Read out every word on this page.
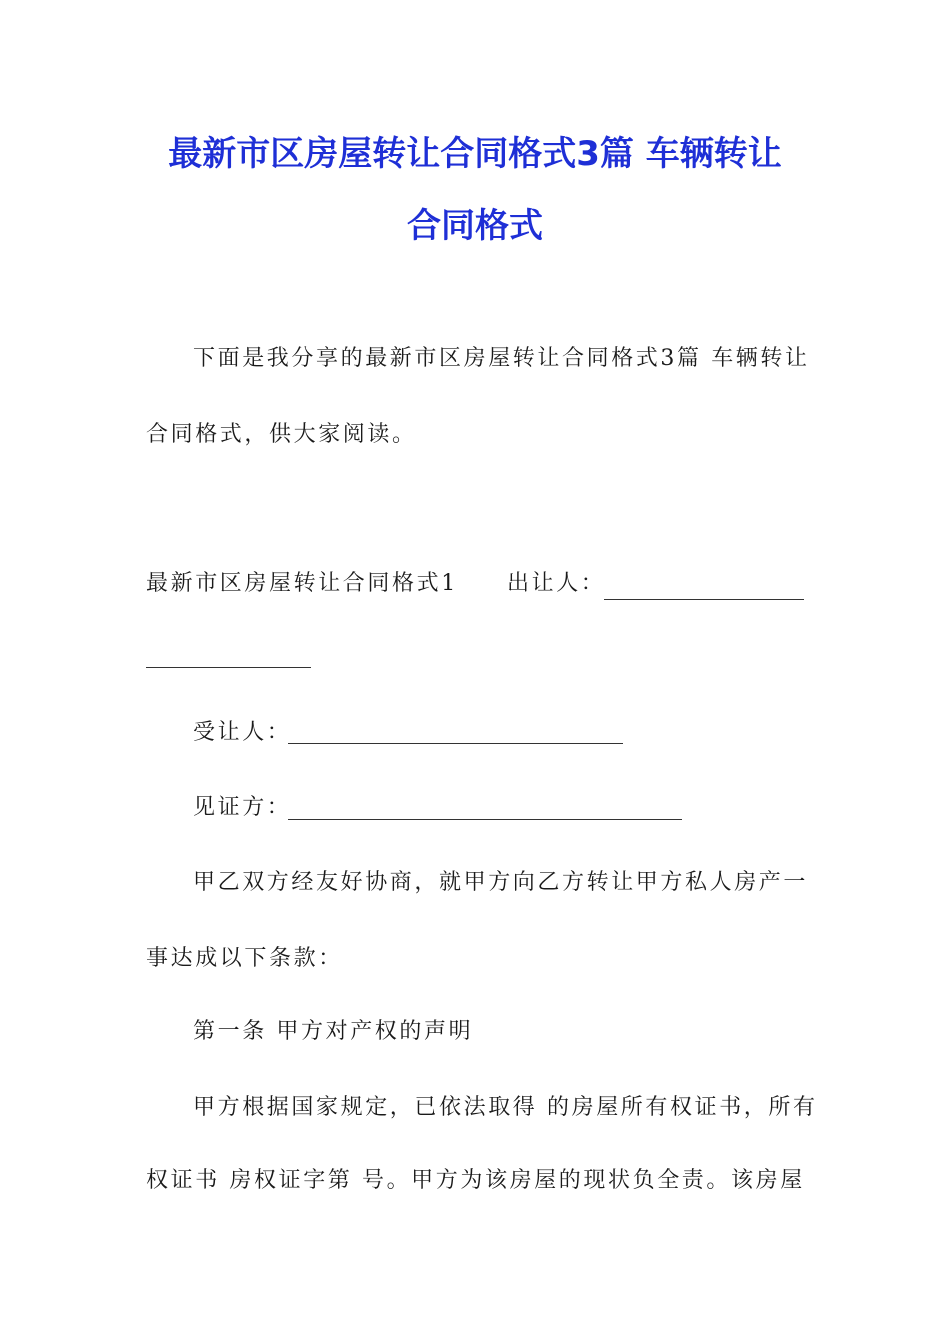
最新市区房屋转让合同格式3篇 车辆转让
合同格式
下面是我分享的最新市区房屋转让合同格式3篇 车辆转让
合同格式，供大家阅读。
最新市区房屋转让合同格式1 出让人：
受让人：
见证方：
甲乙双方经友好协商，就甲方向乙方转让甲方私人房产一
事达成以下条款：
第一条 甲方对产权的声明
甲方根据国家规定，已依法取得 的房屋所有权证书，所有
权证书 房权证字第 号。甲方为该房屋的现状负全责。该房屋
